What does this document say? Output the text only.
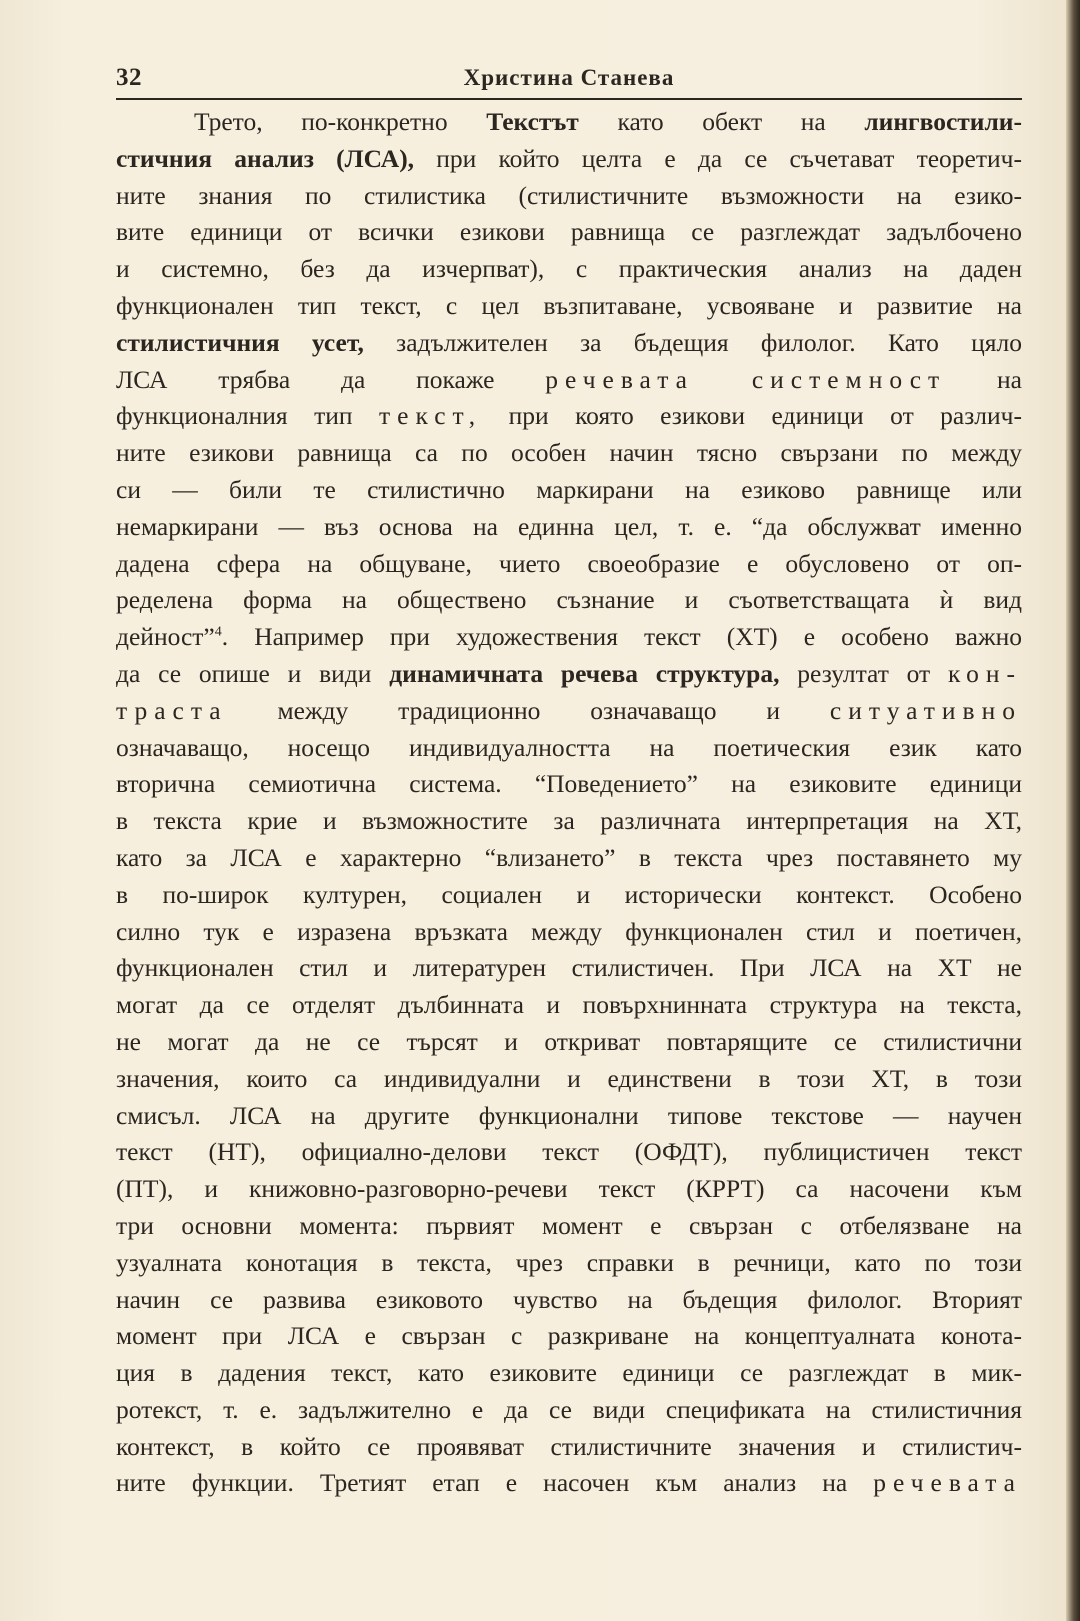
32	Христина Станева
Трето, по-конкретно Текстът като обект на лингвостили-
стичния анализ (ЛСА), при който целта е да се съчетават теоретич-
ните знания по стилистика (стилистичните възможности на езико-
вите единици от всички езикови равнища се разглеждат задълбочено
и системно, без да изчерпват), с практическия анализ на даден
функционален тип текст, с цел възпитаване, усвояване и развитие на
стилистичния усет, задължителен за бъдещия филолог. Като цяло
ЛСА трябва да покаже речевата системност на
функционалния тип текст, при която езикови единици от различ-
ните езикови равнища са по особен начин тясно свързани по между
си — били те стилистично маркирани на езиково равнище или
немаркирани — въз основа на единна цел, т. е. “да обслужват именно
дадена сфера на общуване, чието своеобразие е обусловено от оп-
ределена форма на обществено съзнание и съответстващата ѝ вид
дейност”$^4$. Например при художествения текст (ХТ) е особено важно
да се опише и види динамичната речева структура, резултат от кон-
траста между традиционно означаващо и ситуативно
означаващо, носещо индивидуалността на поетическия език като
вторична семиотична система. “Поведението” на езиковите единици
в текста крие и възможностите за различната интерпретация на ХТ,
като за ЛСА е характерно “влизането” в текста чрез поставянето му
в по-широк културен, социален и исторически контекст. Особено
силно тук е изразена връзката между функционален стил и поетичен,
функционален стил и литературен стилистичен. При ЛСА на ХТ не
могат да се отделят дълбинната и повърхнинната структура на текста,
не могат да не се търсят и откриват повтарящите се стилистични
значения, които са индивидуални и единствени в този ХТ, в този
смисъл. ЛСА на другите функционални типове текстове — научен
текст (НТ), официално-делови текст (ОФДТ), публицистичен текст
(ПТ), и книжовно-разговорно-речеви текст (КРРТ) са насочени към
три основни момента: първият момент е свързан с отбелязване на
узуалната конотация в текста, чрез справки в речници, като по този
начин се развива езиковото чувство на бъдещия филолог. Вторият
момент при ЛСА е свързан с разкриване на концептуалната конота-
ция в дадения текст, като езиковите единици се разглеждат в мик-
ротекст, т. е. задължително е да се види спецификата на стилистичния
контекст, в който се проявяват стилистичните значения и стилистич-
ните функции. Третият етап е насочен към анализ на речевата
